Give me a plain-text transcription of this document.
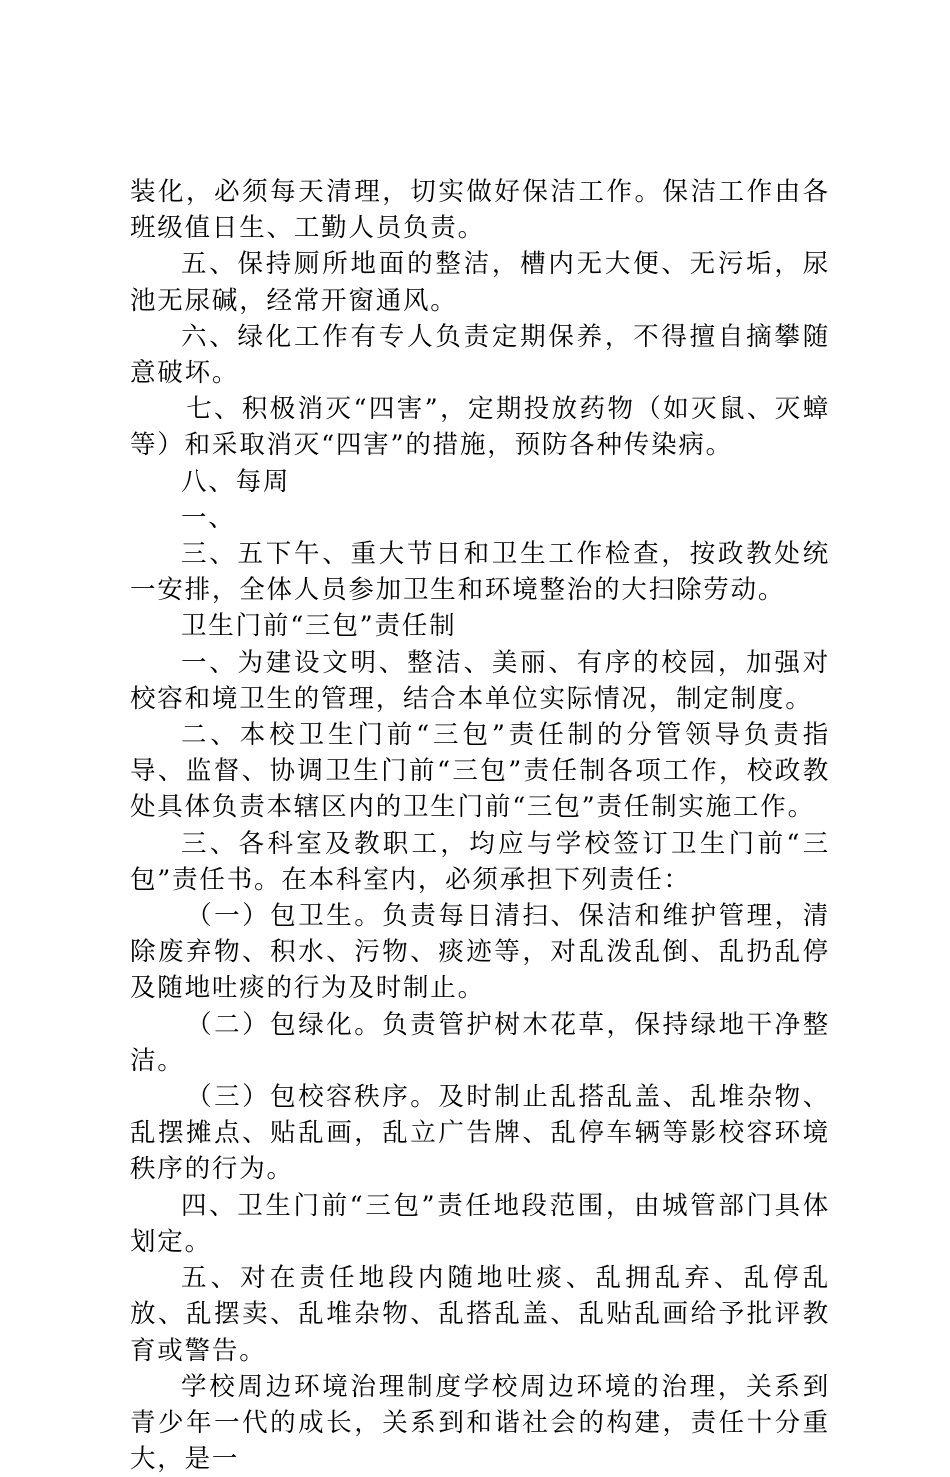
装化，必须每天清理，切实做好保洁工作。保洁工作由各班级值日生、工勤人员负责。

五、保持厕所地面的整洁，槽内无大便、无污垢，尿池无尿碱，经常开窗通风。

六、绿化工作有专人负责定期保养，不得擅自摘攀随意破坏。

七、积极消灭“四害”，定期投放药物（如灭鼠、灭蟑等）和采取消灭“四害”的措施，预防各种传染病。

八、每周

一、

三、五下午、重大节日和卫生工作检查，按政教处统一安排，全体人员参加卫生和环境整治的大扫除劳动。

卫生门前“三包”责任制

一、为建设文明、整洁、美丽、有序的校园，加强对校容和境卫生的管理，结合本单位实际情况，制定制度。

二、本校卫生门前“三包”责任制的分管领导负责指导、监督、协调卫生门前“三包”责任制各项工作，校政教处具体负责本辖区内的卫生门前“三包”责任制实施工作。

三、各科室及教职工，均应与学校签订卫生门前“三包”责任书。在本科室内，必须承担下列责任：

（一）包卫生。负责每日清扫、保洁和维护管理，清除废弃物、积水、污物、痰迹等，对乱泼乱倒、乱扔乱停及随地吐痰的行为及时制止。

（二）包绿化。负责管护树木花草，保持绿地干净整洁。

（三）包校容秩序。及时制止乱搭乱盖、乱堆杂物、乱摆摊点、贴乱画，乱立广告牌、乱停车辆等影校容环境秩序的行为。

四、卫生门前“三包”责任地段范围，由城管部门具体划定。

五、对在责任地段内随地吐痰、乱拥乱弃、乱停乱放、乱摆卖、乱堆杂物、乱搭乱盖、乱贴乱画给予批评教育或警告。

学校周边环境治理制度学校周边环境的治理，关系到青少年一代的成长，关系到和谐社会的构建，责任十分重大，是一
